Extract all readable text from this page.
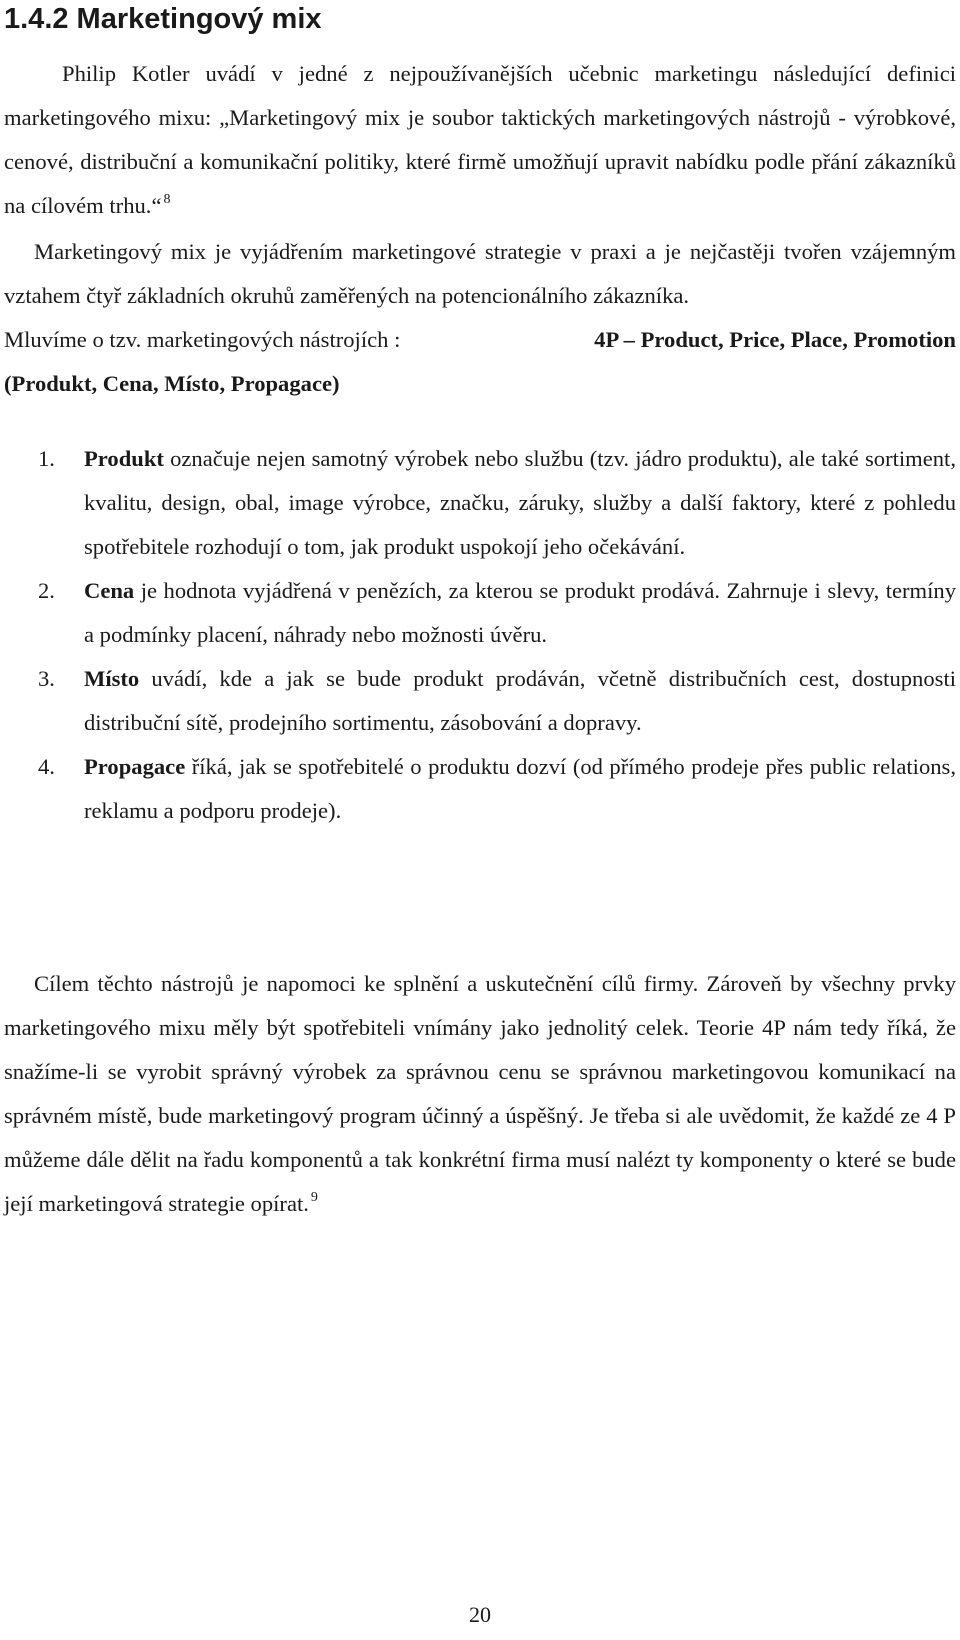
1.4.2 Marketingový mix

Philip Kotler uvádí v jedné z nejpoužívanějších učebnic marketingu následující definici marketingového mixu: „Marketingový mix je soubor taktických marketingových nástrojů - výrobkové, cenové, distribuční a komunikační politiky, které firmě umožňují upravit nabídku podle přání zákazníků na cílovém trhu.“ $^8$

Marketingový mix je vyjádřením marketingové strategie v praxi a je nejčastěji tvořen vzájemným vztahem čtyř základních okruhů zaměřených na potencionálního zákazníka.

Mluvíme o tzv. marketingových nástrojích :	4P – Product, Price, Place, Promotion
(Produkt, Cena, Místo, Propagace)
1.	Produkt označuje nejen samotný výrobek nebo službu (tzv. jádro produktu), ale také sortiment, kvalitu, design, obal, image výrobce, značku, záruky, služby a další faktory, které z pohledu spotřebitele rozhodují o tom, jak produkt uspokojí jeho očekávání.
2.	Cena je hodnota vyjádřená v penězích, za kterou se produkt prodává. Zahrnuje i slevy, termíny a podmínky placení, náhrady nebo možnosti úvěru.
3.	Místo uvádí, kde a jak se bude produkt prodáván, včetně distribučních cest, dostupnosti distribuční sítě, prodejního sortimentu, zásobování a dopravy.
4.	Propagace říká, jak se spotřebitelé o produktu dozví (od přímého prodeje přes public relations, reklamu a podporu prodeje).

Cílem těchto nástrojů je napomoci ke splnění a uskutečnění cílů firmy. Zároveň by všechny prvky marketingového mixu měly být spotřebiteli vnímány jako jednolitý celek. Teorie 4P nám tedy říká, že snažíme-li se vyrobit správný výrobek za správnou cenu se správnou marketingovou komunikací na správném místě, bude marketingový program účinný a úspěšný. Je třeba si ale uvědomit, že každé ze 4 P můžeme dále dělit na řadu komponentů a tak konkrétní firma musí nalézt ty komponenty o které se bude její marketingová strategie opírat. $^9$

20
